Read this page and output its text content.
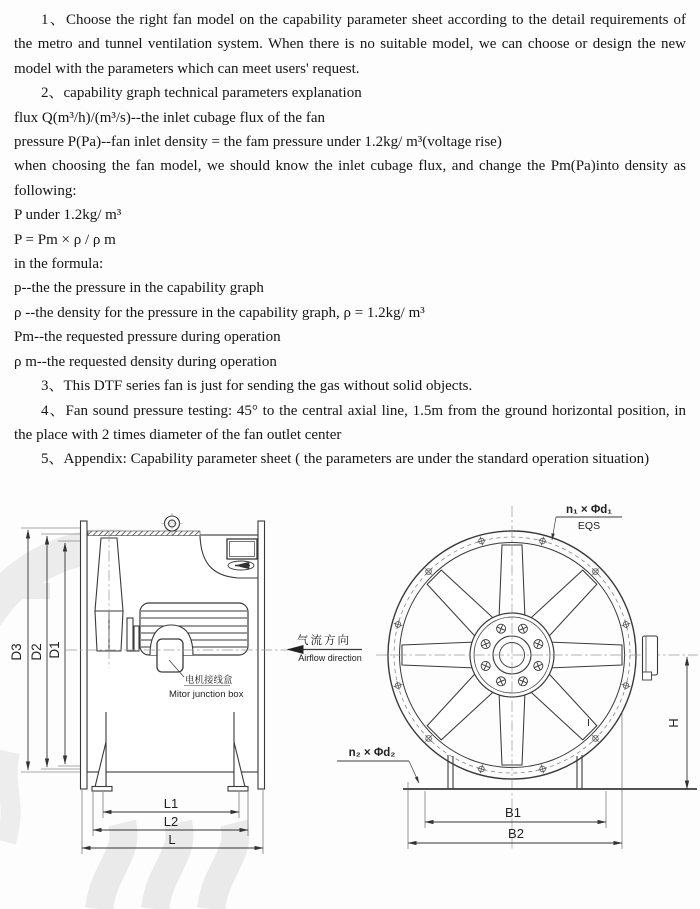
1、Choose the right fan model on the capability parameter sheet according to the detail requirements of the metro and tunnel ventilation system. When there is no suitable model, we can choose or design the new model with the parameters which can meet users' request.

2、capability graph technical parameters explanation

flux Q(m³/h)/(m³/s)--the inlet cubage flux of the fan

pressure P(Pa)--fan inlet density = the fam pressure under 1.2kg/ m³(voltage rise)

when choosing the fan model, we should know the inlet cubage flux, and change the Pm(Pa)into density as following:

P under 1.2kg/ m³

P = Pm × ρ / ρ m

in the formula:

p--the the pressure in the capability graph

ρ --the density for the pressure in the capability graph, ρ = 1.2kg/ m³

Pm--the requested pressure during operation

ρ m--the requested density during operation

3、This DTF series fan is just for sending the gas without solid objects.

4、Fan sound pressure testing: 45° to the central axial line, 1.5m from the ground horizontal position, in the place with 2 times diameter of the fan outlet center

5、Appendix: Capability parameter sheet ( the parameters are under the standard operation situation)

D3 D2 D1
电机接线盒
Mitor junction box
L1
L2
L
气流方向
Airflow direction
B1
B2
H
I
n₁ × Φd₁
EQS
n₂ × Φd₂
